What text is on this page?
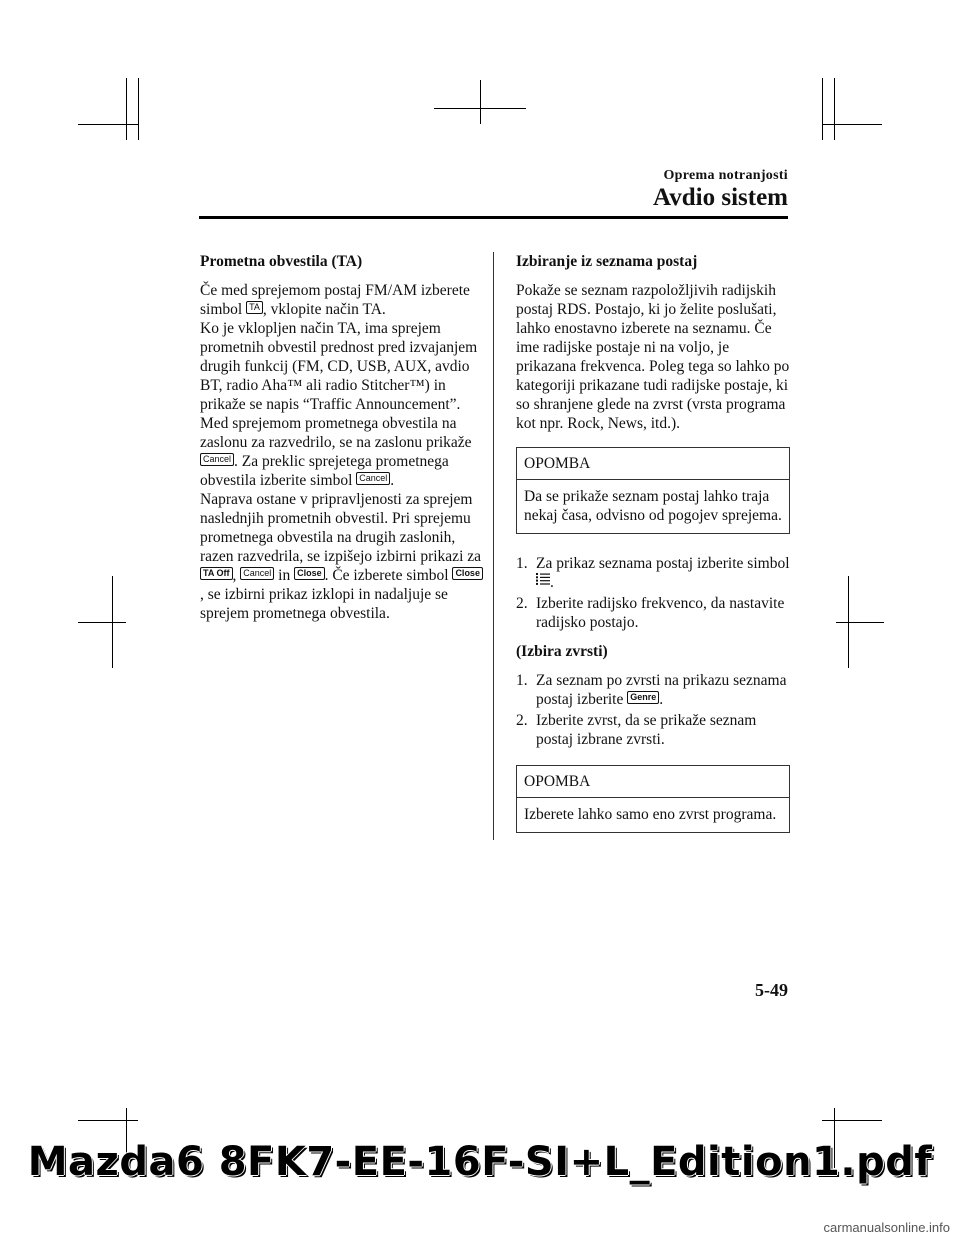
Oprema notranjosti
Avdio sistem
Prometna obvestila (TA)

Če med sprejemom postaj FM/AM izberete simbol TA , vklopite način TA.

Ko je vklopljen način TA, ima sprejem prometnih obvestil prednost pred izvajanjem drugih funkcij (FM, CD, USB, AUX, avdio BT, radio Aha™ ali radio Stitcher™) in prikaže se napis “Traffic Announcement”.

Med sprejemom prometnega obvestila na zaslonu za razvedrilo, se na zaslonu prikaže Cancel . Za preklic sprejetega prometnega obvestila izberite simbol Cancel .

Naprava ostane v pripravljenosti za sprejem naslednjih prometnih obvestil. Pri sprejemu prometnega obvestila na drugih zaslonih, razen razvedrila, se izpišejo izbirni prikazi za TA Off , Cancel in Close . Če izberete simbol Close, se izbirni prikaz izklopi in nadaljuje se sprejem prometnega obvestila.

Izbiranje iz seznama postaj

Pokaže se seznam razpoložljivih radijskih postaj RDS. Postajo, ki jo želite poslušati, lahko enostavno izberete na seznamu. Če ime radijske postaje ni na voljo, je prikazana frekvenca. Poleg tega so lahko po kategoriji prikazane tudi radijske postaje, ki so shranjene glede na zvrst (vrsta programa kot npr. Rock, News, itd.).

OPOMBA
Da se prikaže seznam postaj lahko traja nekaj časa, odvisno od pogojev sprejema.
1. Za prikaz seznama postaj izberite simbol .
2. Izberite radijsko frekvenco, da nastavite radijsko postajo.
(Izbira zvrsti)
1. Za seznam po zvrsti na prikazu seznama postaj izberite Genre .
2. Izberite zvrst, da se prikaže seznam postaj izbrane zvrsti.
OPOMBA
Izberete lahko samo eno zvrst programa.
5-49
Mazda6 8FK7-EE-16F-SI+L_Edition1.pdf
carmanualsonline.info
